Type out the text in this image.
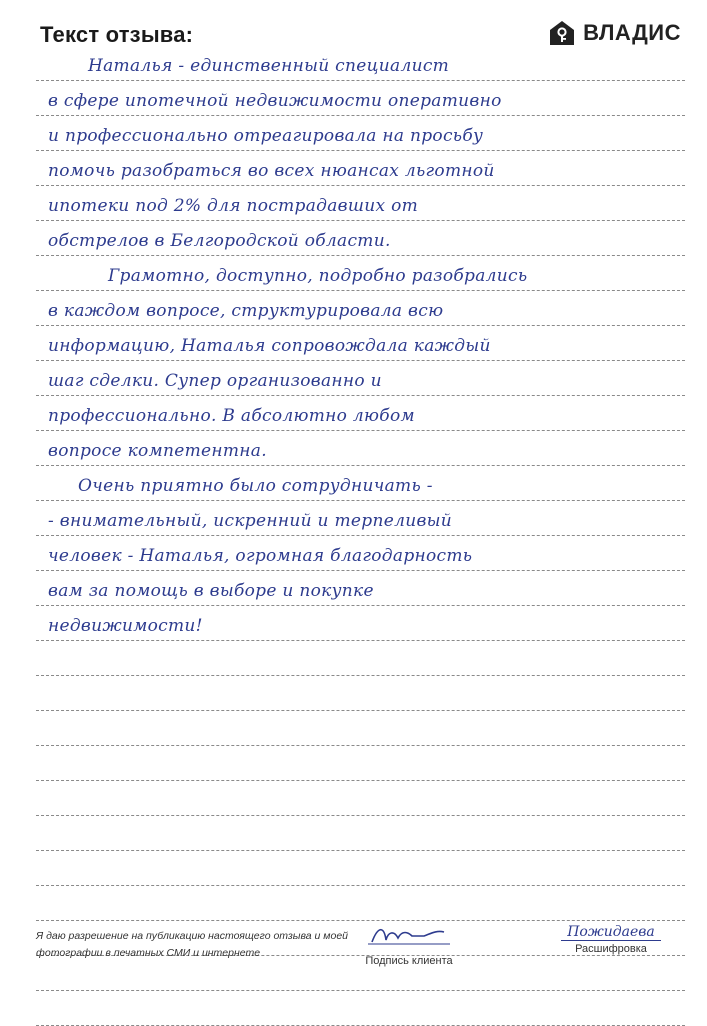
Текст отзыва:	ВЛАДИС
Наталья - единственный специалист
в сфере ипотечной недвижимости оперативно
и профессионально отреагировала на просьбу
помочь разобраться во всех нюансах льготной
ипотеки под 2% для пострадавших от
обстрелов в Белгородской области.
Грамотно, доступно, подробно разобрались
в каждом вопросе, структурировала всю
информацию, Наталья сопровождала каждый
шаг сделки. Супер организованно и
профессионально. В абсолютно любом
вопросе компетентна.
Очень приятно было сотрудничать -
- внимательный, искренний и терпеливый
человек - Наталья, огромная благодарность
вам за помощь в выборе и покупке
недвижимости!
Я даю разрешение на публикацию настоящего отзыва и моей фотографии в печатных СМИ и интернете
Подпись клиента
Пожидаева
Расшифровка
